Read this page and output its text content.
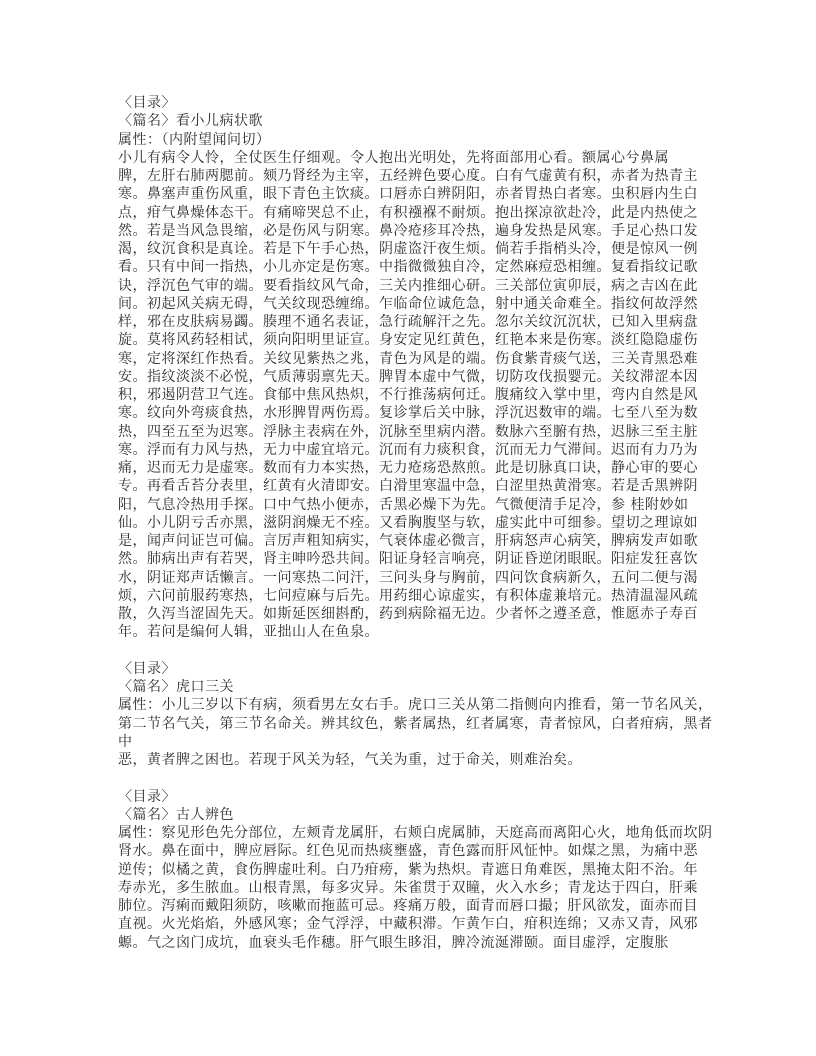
〈目录〉
〈篇名〉看小儿病状歌
属性：（内附望闻问切）
小儿有病令人怜，全仗医生仔细观。令人抱出光明处，先将面部用心看。额属心兮鼻属
脾，左肝右肺两腮前。颏乃肾经为主宰，五经辨色要心度。白有气虚黄有积，赤者为热青主
寒。鼻塞声重伤风重，眼下青色主饮痰。口唇赤白辨阴阳，赤者胃热白者寒。虫积唇内生白
点，疳气鼻燥体态干。有痛啼哭总不止，有积襁褓不耐烦。抱出探凉欲赴冷，此是内热使之
然。若是当风急畏缩，必是伤风与阴寒。鼻冷疮疹耳冷热，遍身发热是风寒。手足心热口发
渴，纹沉食积是真诠。若是下午手心热，阴虚盗汗夜生烦。倘若手指梢头冷，便是惊风一例
看。只有中间一指热，小儿亦定是伤寒。中指微微独自冷，定然麻痘恐相缠。复看指纹记歌
诀，浮沉色气审的端。要看指纹风气命，三关内推细心研。三关部位寅卯辰，病之吉凶在此
间。初起风关病无碍，气关纹现恐缠绵。乍临命位诚危急，射中通关命难全。指纹何故浮然
样，邪在皮肤病易蠲。腠理不通名表证，急行疏解汗之先。忽尔关纹沉沉状，已知入里病盘
旋。莫将风药轻相试，须向阳明里证宣。身安定见红黄色，红艳本来是伤寒。淡红隐隐虚伤
寒，定将深红作热看。关纹见紫热之兆，青色为风是的端。伤食紫青痰气送，三关青黑恐难
安。指纹淡淡不必悦，气质薄弱禀先天。脾胃本虚中气微，切防攻伐损婴元。关纹滞涩本因
积，邪遏阴营卫气连。食郁中焦风热炽，不行推荡病何迁。腹痛纹入掌中里，弯内自然是风
寒。纹向外弯痰食热，水形脾胃两伤焉。复诊掌后关中脉，浮沉迟数审的端。七至八至为数
热，四至五至为迟寒。浮脉主表病在外，沉脉至里病内潜。数脉六至腑有热，迟脉三至主脏
寒。浮而有力风与热，无力中虚宜培元。沉而有力痰积食，沉而无力气滞间。迟而有力乃为
痛，迟而无力是虚寒。数而有力本实热，无力疮疡恐熬煎。此是切脉真口诀，静心审的要心
专。再看舌苔分表里，红黄有火清即安。白滑里寒温中急，白涩里热黄滑寒。若是舌黑辨阴
阳，气息冷热用手探。口中气热小便赤，舌黑必燥下为先。气微便清手足冷，参 桂附妙如
仙。小儿阴亏舌亦黑，滋阴润燥无不痊。又看胸腹坚与软，虚实此中可细参。望切之理谅如
是，闻声问证岂可偏。言厉声粗知病实，气衰体虚必微言，肝病怒声心病笑，脾病发声如歌
然。肺病出声有若哭，肾主呻吟恐共间。阳证身轻言响亮，阴证昏逆闭眼眠。阳症发狂喜饮
水，阴证郑声话懒言。一问寒热二问汗，三问头身与胸前，四问饮食病新久，五问二便与渴
烦，六问前服药寒热，七问痘麻与后先。用药细心谅虚实，有积体虚兼培元。热清温湿风疏
散，久泻当涩固先天。如斯延医细斟酌，药到病除福无边。少者怀之遵圣意，惟愿赤子寿百
年。若问是编何人辑，亚拙山人在鱼泉。
〈目录〉
〈篇名〉虎口三关
属性：小儿三岁以下有病，须看男左女右手。虎口三关从第二指侧向内推看，第一节名风关，
第二节名气关，第三节名命关。辨其纹色，紫者属热，红者属寒，青者惊风，白者疳病，黑者
中
恶，黄者脾之困也。若现于风关为轻，气关为重，过于命关，则难治矣。
〈目录〉
〈篇名〉古人辨色
属性：察见形色先分部位，左颊青龙属肝，右颊白虎属肺，天庭高而离阳心火，地角低而坎阴
肾水。鼻在面中，脾应唇际。红色见而热痰壅盛，青色露而肝风怔忡。如煤之黑，为痛中恶
逆传；似橘之黄，食伤脾虚吐利。白乃疳痨，紫为热炽。青遮日角难医，黑掩太阳不治。年
寿赤光，多生脓血。山根青黑，每多灾异。朱雀贯于双瞳，火入水乡；青龙达于四白，肝乘
肺位。泻痢而戴阳须防，咳嗽而拖蓝可忌。疼痛万般，面青而唇口撮；肝风欲发，面赤而目
直视。火光焰焰，外感风寒；金气浮浮，中藏积滞。乍黄乍白，疳积连绵；又赤又青，风邪
螈。气之囟门成坑，血衰头毛作穗。肝气眼生眵泪，脾冷流涎滞颐。面目虚浮，定腹胀
